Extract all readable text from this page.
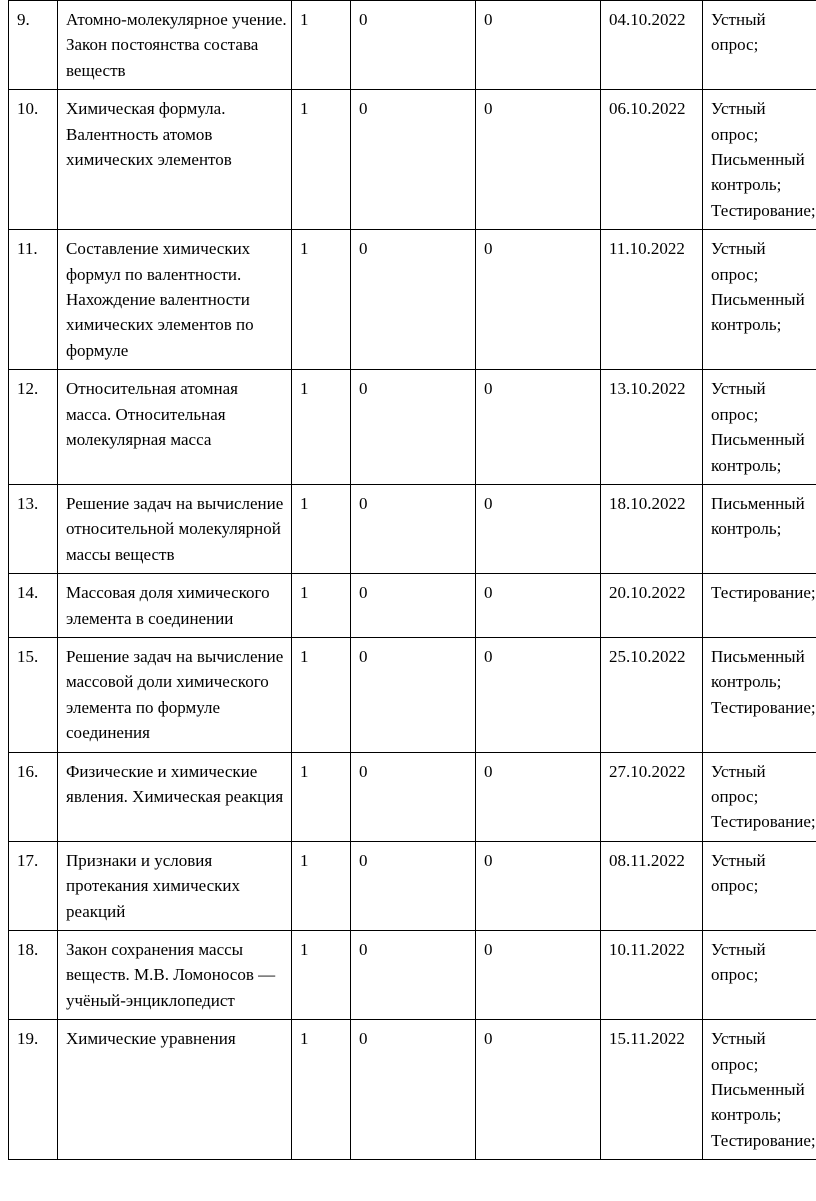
9.	Атомно-молекулярное учение. Закон постоянства состава веществ	1	0	0	04.10.2022	Устный
опрос;

10.	Химическая формула. Валентность атомов химических элементов	1	0	0	06.10.2022	Устный
опрос;
Письменный
контроль;
Тестирование;

11.	Составление химических формул по валентности. Нахождение валентности химических элементов по формуле	1	0	0	11.10.2022	Устный
опрос;
Письменный
контроль;

12.	Относительная атомная масса. Относительная молекулярная масса	1	0	0	13.10.2022	Устный
опрос;
Письменный
контроль;

13.	Решение задач на вычисление относительной молекулярной массы веществ	1	0	0	18.10.2022	Письменный
контроль;

14.	Массовая доля химического элемента в соединении	1	0	0	20.10.2022	Тестирование;

15.	Решение задач на вычисление массовой доли химического элемента по формуле соединения	1	0	0	25.10.2022	Письменный
контроль;
Тестирование;

16.	Физические и химические явления. Химическая реакция	1	0	0	27.10.2022	Устный
опрос;
Тестирование;

17.	Признаки и условия протекания химических реакций	1	0	0	08.11.2022	Устный
опрос;

18.	Закон сохранения массы веществ. М.В. Ломоносов — учёный-энциклопедист	1	0	0	10.11.2022	Устный
опрос;

19.	Химические уравнения	1	0	0	15.11.2022	Устный
опрос;
Письменный
контроль;
Тестирование;
